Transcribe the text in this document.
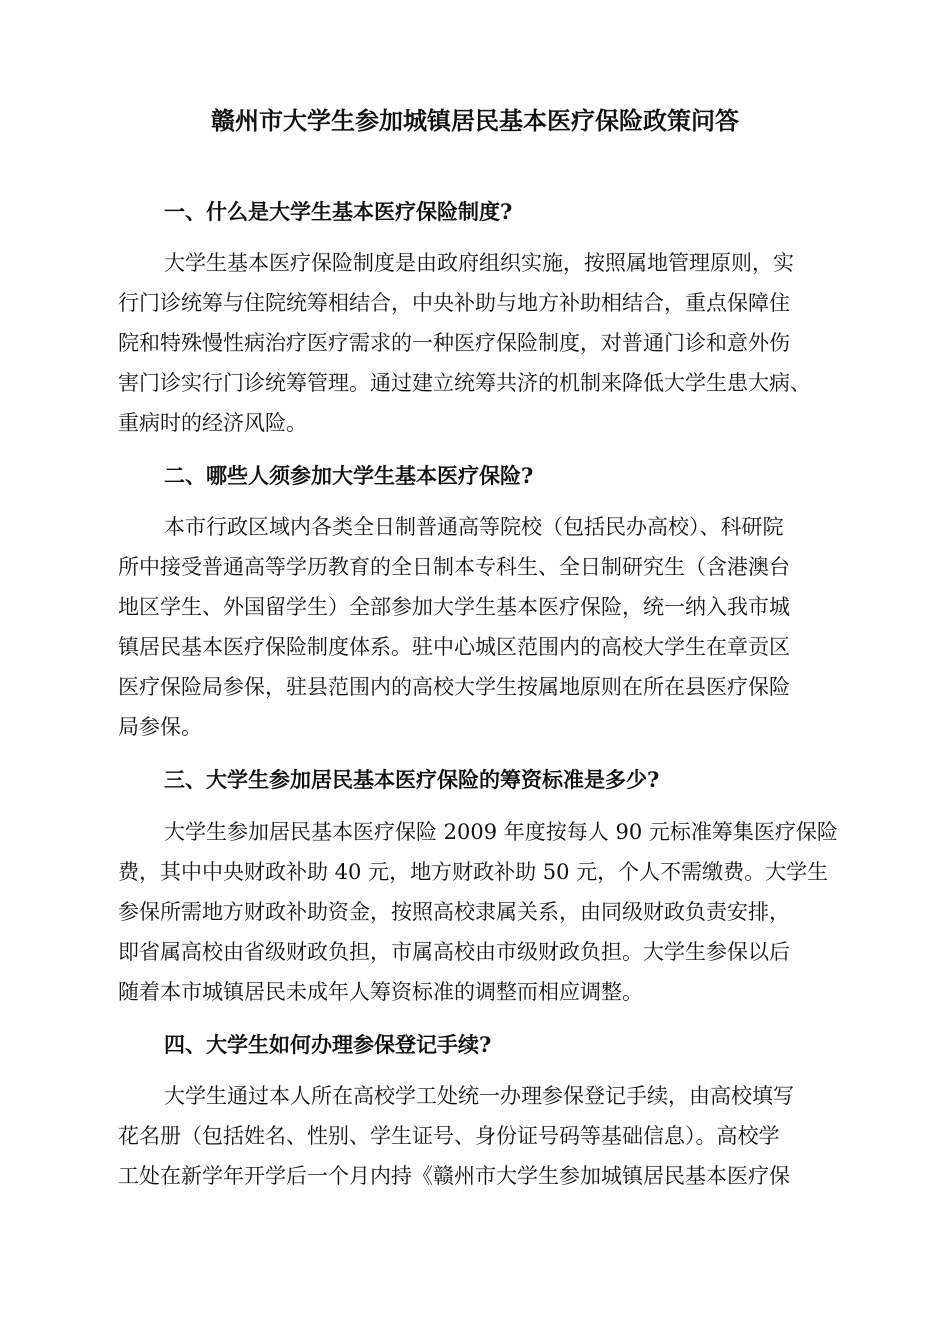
赣州市大学生参加城镇居民基本医疗保险政策问答
一、什么是大学生基本医疗保险制度?
大学生基本医疗保险制度是由政府组织实施，按照属地管理原则，实
行门诊统筹与住院统筹相结合，中央补助与地方补助相结合，重点保障住
院和特殊慢性病治疗医疗需求的一种医疗保险制度，对普通门诊和意外伤
害门诊实行门诊统筹管理。通过建立统筹共济的机制来降低大学生患大病、
重病时的经济风险。
二、哪些人须参加大学生基本医疗保险?
本市行政区域内各类全日制普通高等院校（包括民办高校）、科研院
所中接受普通高等学历教育的全日制本专科生、全日制研究生（含港澳台
地区学生、外国留学生）全部参加大学生基本医疗保险，统一纳入我市城
镇居民基本医疗保险制度体系。驻中心城区范围内的高校大学生在章贡区
医疗保险局参保，驻县范围内的高校大学生按属地原则在所在县医疗保险
局参保。
三、大学生参加居民基本医疗保险的筹资标准是多少?
大学生参加居民基本医疗保险 2009 年度按每人 90 元标准筹集医疗保险
费，其中中央财政补助 40 元，地方财政补助 50 元，个人不需缴费。大学生
参保所需地方财政补助资金，按照高校隶属关系，由同级财政负责安排，
即省属高校由省级财政负担，市属高校由市级财政负担。大学生参保以后
随着本市城镇居民未成年人筹资标准的调整而相应调整。
四、大学生如何办理参保登记手续?
大学生通过本人所在高校学工处统一办理参保登记手续，由高校填写
花名册（包括姓名、性别、学生证号、身份证号码等基础信息）。高校学
工处在新学年开学后一个月内持《赣州市大学生参加城镇居民基本医疗保
